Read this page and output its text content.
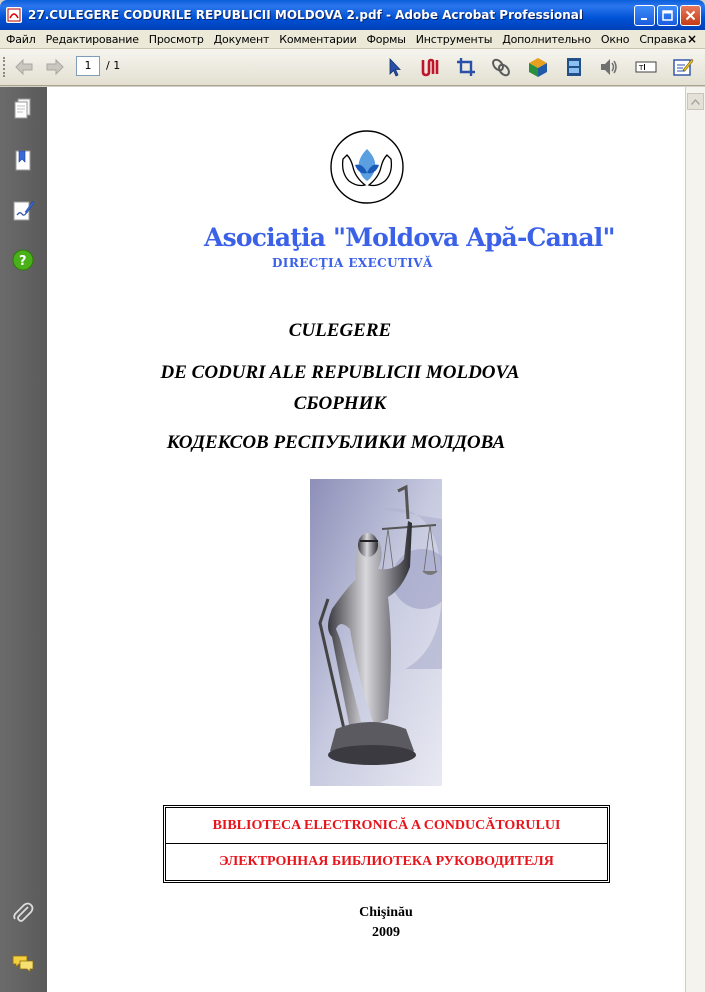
27.CULEGERE CODURILE REPUBLICII MOLDOVA 2.pdf - Adobe Acrobat Professional
Файл Редактирование Просмотр Документ Комментарии Формы Инструменты Дополнительно Окно Справка ×
1	/ 1	T
?
Asociaţia "Moldova Apă-Canal"
DIRECŢIA EXECUTIVĂ
CULEGERE
DE CODURI ALE REPUBLICII MOLDOVA
СБОРНИК
КОДЕКСОВ РЕСПУБЛИКИ МОЛДОВА
BIBLIOTECA ELECTRONICĂ A CONDUCĂTORULUI
ЭЛЕКТРОННАЯ БИБЛИОТЕКА РУКОВОДИТЕЛЯ
Chişinău
2009
